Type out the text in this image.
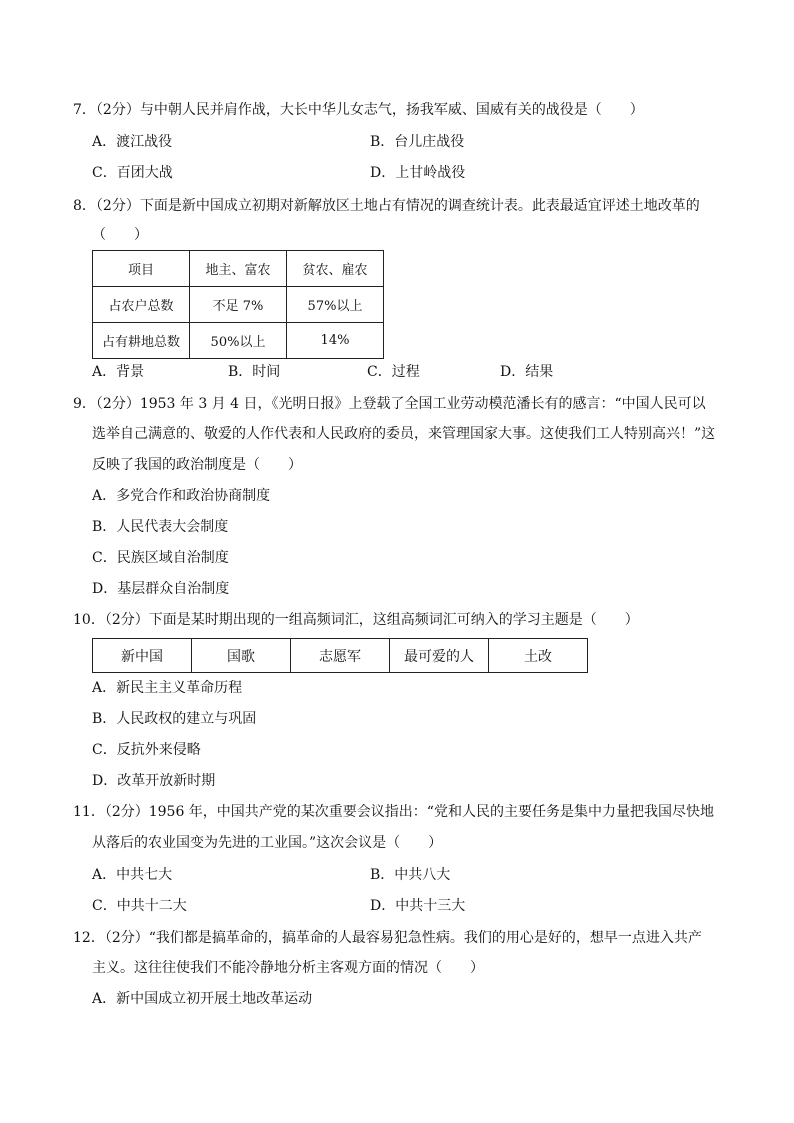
7．（2分）与中朝人民并肩作战，大长中华儿女志气，扬我军威、国威有关的战役是（　　）
A．渡江战役	B．台儿庄战役
C．百团大战	D．上甘岭战役
8．（2分）下面是新中国成立初期对新解放区土地占有情况的调查统计表。此表最适宜评述土地改革的
（　　）
项目	地主、富农	贫农、雇农
占农户总数	不足 7%	57%以上
占有耕地总数	50%以上	14%
A．背景	B．时间	C．过程	D．结果
9．（2分）1953 年 3 月 4 日，《光明日报》上登载了全国工业劳动模范潘长有的感言：“中国人民可以
选举自己满意的、敬爱的人作代表和人民政府的委员，来管理国家大事。这使我们工人特别高兴！”这
反映了我国的政治制度是（　　）
A．多党合作和政治协商制度
B．人民代表大会制度
C．民族区域自治制度
D．基层群众自治制度
10．（2分）下面是某时期出现的一组高频词汇，这组高频词汇可纳入的学习主题是（　　）
新中国	国歌	志愿军	最可爱的人	土改
A．新民主主义革命历程
B．人民政权的建立与巩固
C．反抗外来侵略
D．改革开放新时期
11．（2分）1956 年，中国共产党的某次重要会议指出：“党和人民的主要任务是集中力量把我国尽快地
从落后的农业国变为先进的工业国。”这次会议是（　　）
A．中共七大	B．中共八大
C．中共十二大	D．中共十三大
12．（2分）“我们都是搞革命的，搞革命的人最容易犯急性病。我们的用心是好的，想早一点进入共产
主义。这往往使我们不能冷静地分析主客观方面的情况（　　）
A．新中国成立初开展土地改革运动
